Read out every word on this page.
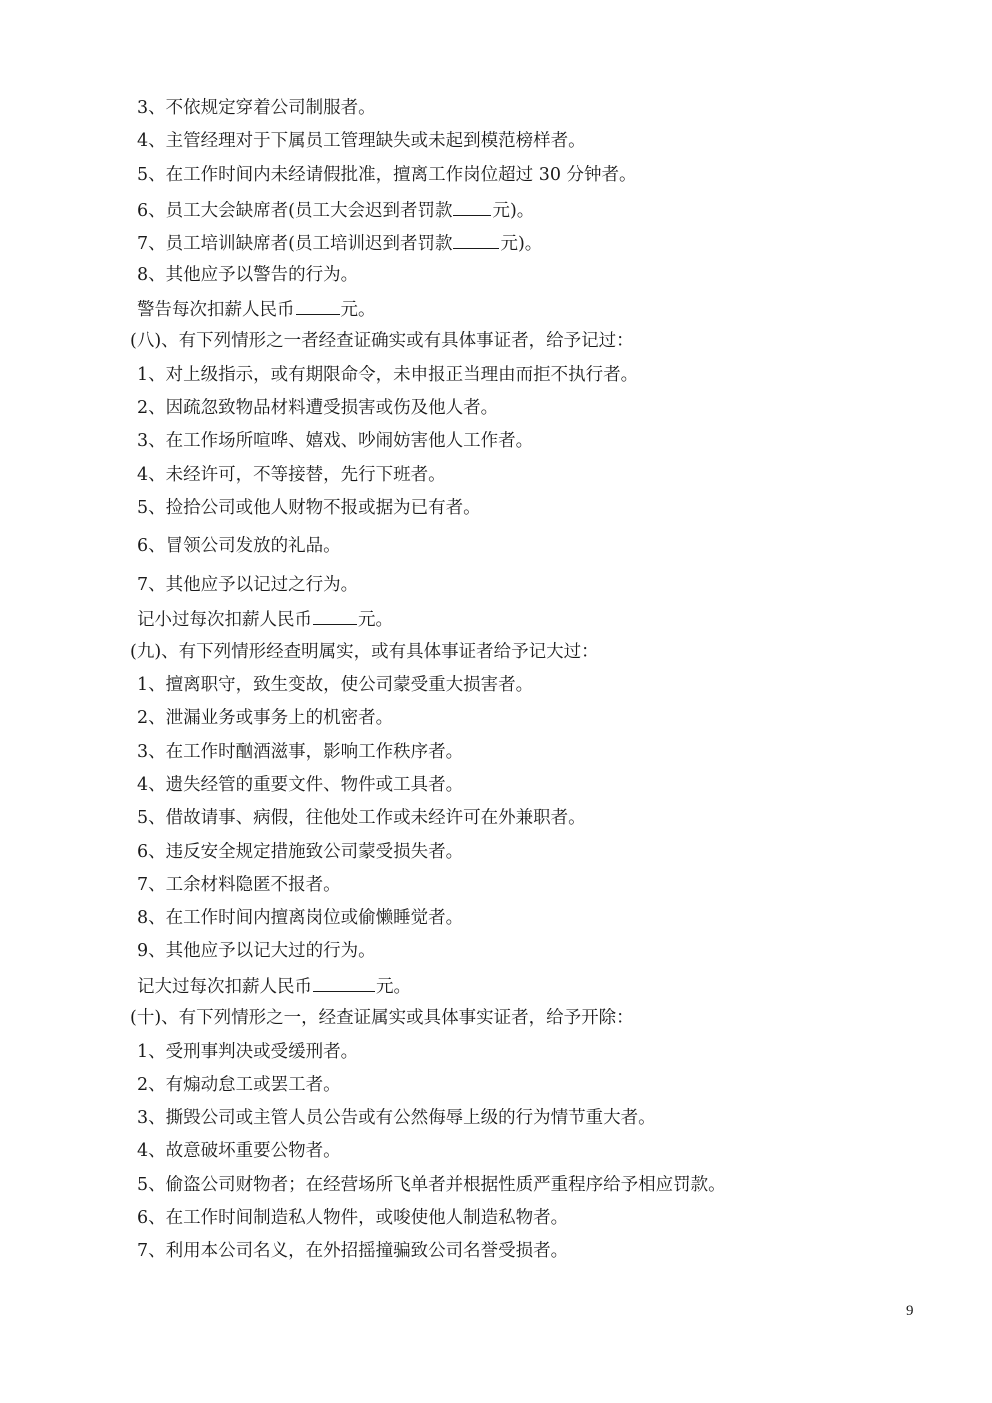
3、不依规定穿着公司制服者。
4、主管经理对于下属员工管理缺失或未起到模范榜样者。
5、在工作时间内未经请假批准，擅离工作岗位超过 30 分钟者。
6、员工大会缺席者(员工大会迟到者罚款 元)。
7、员工培训缺席者(员工培训迟到者罚款	元)。
8、其他应予以警告的行为。
警告每次扣薪人民币	元。
(八)、有下列情形之一者经查证确实或有具体事证者，给予记过：
1、对上级指示，或有期限命令，未申报正当理由而拒不执行者。
2、因疏忽致物品材料遭受损害或伤及他人者。
3、在工作场所喧哗、嬉戏、吵闹妨害他人工作者。
4、未经许可，不等接替，先行下班者。
5、捡拾公司或他人财物不报或据为已有者。
6、冒领公司发放的礼品。
7、其他应予以记过之行为。
记小过每次扣薪人民币	元。
(九)、有下列情形经查明属实，或有具体事证者给予记大过：
1、擅离职守，致生变故，使公司蒙受重大损害者。
2、泄漏业务或事务上的机密者。
3、在工作时酗酒滋事，影响工作秩序者。
4、遗失经管的重要文件、物件或工具者。
5、借故请事、病假，往他处工作或未经许可在外兼职者。
6、违反安全规定措施致公司蒙受损失者。
7、工余材料隐匿不报者。
8、在工作时间内擅离岗位或偷懒睡觉者。
9、其他应予以记大过的行为。
记大过每次扣薪人民币	元。
(十)、有下列情形之一，经查证属实或具体事实证者，给予开除：
1、受刑事判决或受缓刑者。
2、有煽动怠工或罢工者。
3、撕毁公司或主管人员公告或有公然侮辱上级的行为情节重大者。
4、故意破坏重要公物者。
5、偷盗公司财物者；在经营场所飞单者并根据性质严重程序给予相应罚款。
6、在工作时间制造私人物件，或唆使他人制造私物者。
7、利用本公司名义，在外招摇撞骗致公司名誉受损者。
9
